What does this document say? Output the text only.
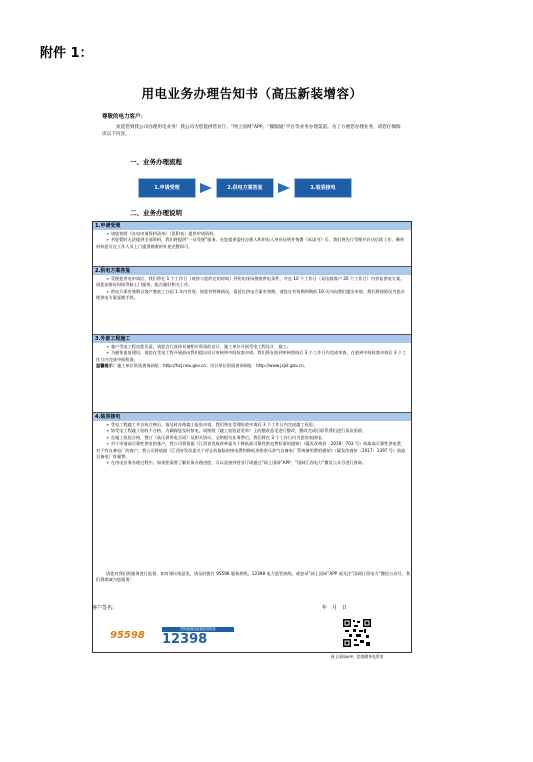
附件 1：
用电业务办理告知书（高压新装增容）
尊敬的电力客户：
欢迎您到我公司办理用电业务！我公司为您提供营业厅、“网上国网”APP、“赣服通”平台等业务办理渠道。为了方便您办理业务，请您仔细阅读以下内容。
一、业务办理流程
1.申请受理	2.供电方案答复	3.装表接电
二、业务办理说明
1.申请受理

➢ 请您按照《办电申请资料清单》（见附表）提供申请资料。

➢ 若您暂时无法提供全部资料，我们将提供“一证受理”服务。在您提供委托办理人和用电人身份证明并签署《承诺书》后，我们将先行受理并启动后续工作，剩余材料您可在工作人员上门提供勘查时补充完整即可。

2.供电方案答复

➢ 受理您用电申请后，我们将在 1 个工作日（或按与您约定的时间）到用电现场勘查供电条件，并在 10 个工作日（双电源客户 20 个工作日）内答复供电方案。请您安排好时间等候上门服务，配合做好相关工作。

➢ 供电方案有效期自客户签收之日起 1 年内有效。如您有特殊情况，需延长供电方案有效期，请您在有效期到期前 10 天内向我们提出申请，我们将视情况为您办理供电方案延期手续。

3.外部工程施工

➢ 客户受电工程由您负责，请您自行选择具备相应资质的设计、施工单位开展受电工程设计、施工。

➢ 为避免重复建设，请您在受电工程开展前向我们提出设计审核和中间检查申请，我们将在收到审核图纸后 3 个工作日内完成审查，在收到中间检查申请后 3 个工作日内完成中间检查。

温馨提示：施工单位资质查询网址：http://hzj.nea.gov.cn；设计单位资质查询网址：http://www.jsjst.gov.cn。

4.装表接电

➢ 受电工程竣工并自检合格后，请及时办理竣工报验申请，我们将在受理验收申请后 3 个工作日内完成竣工检验。

➢ 如受电工程竣工验收不合格，为确保您及时接电，请按照《竣工检验意见单》上的整改意见进行整改，整改完成后联系我们进行再次验收。

➢ 在竣工检验合格，签订《高压供用电合同》及相关协议、交纳相关业务费后，我们将在 3 个工作日内为您装表接电。

➢ 对于申请高可靠性供电的客户，我公司将依据《江西省发展改革委关于降低高可靠性供电费标准的通知》（赣发改商价〔2018〕703 号）收取高可靠性供电费，对于有自备电厂的客户，我公司将依据《江西省发改委关于停止收取临时接电费和降低余热余压余气自备电厂系统备用费的通知》（赣发改商价〔2017〕1397 号）收取自备电厂容量费。

➢ 在用电业务办理过程中，如果您需要了解业务办理进度，可以直接到营业厅或通过“网上国网”APP、“国网江西电力”微信公众号进行查询。

请您对我们的服务进行监督，如有建议或意见，请及时拨打 95598 服务热线、12398 电力监管热线，或登录“网上国网”APP 或关注“国网江西电力”微信公众号，我们将竭诚为您服务！

客户签名：	年　月　日
95598
国家能源局能源监管热线
12398
网上国网APP，您的随身电管家
